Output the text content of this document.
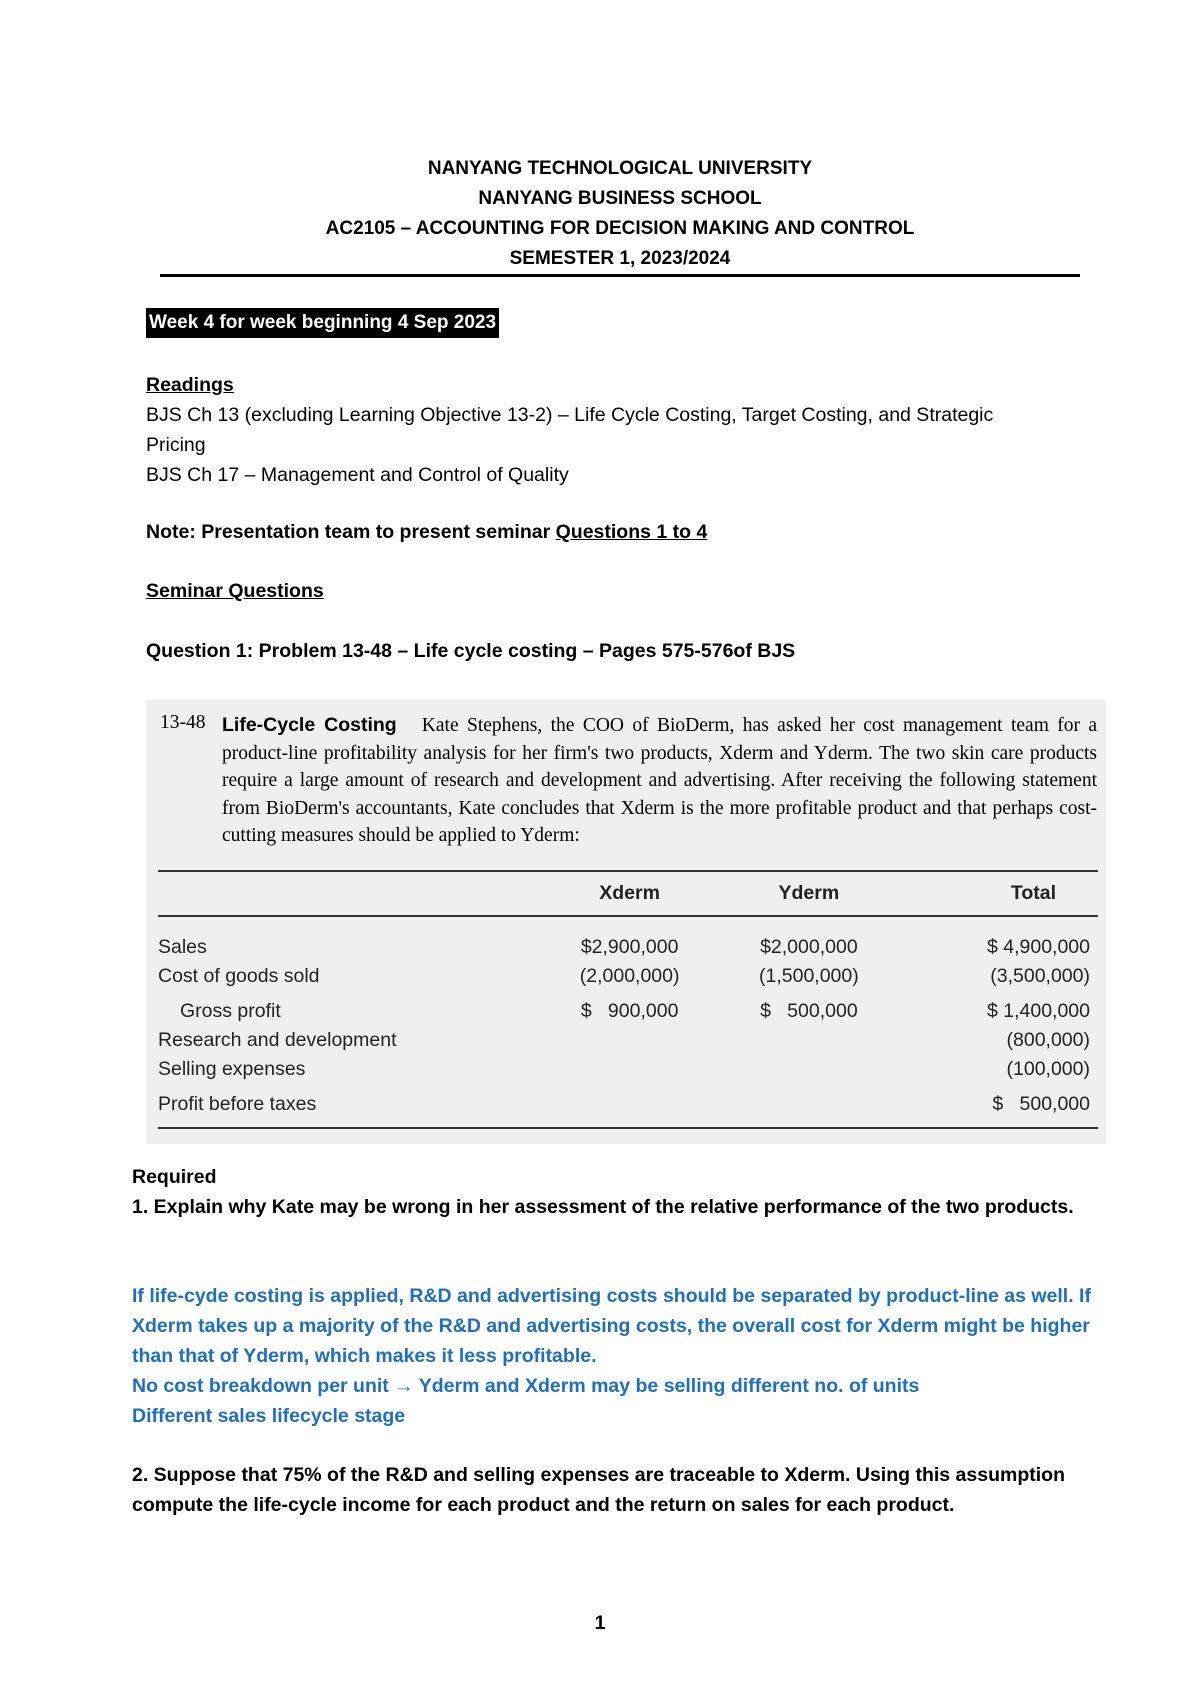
NANYANG TECHNOLOGICAL UNIVERSITY
NANYANG BUSINESS SCHOOL
AC2105 – ACCOUNTING FOR DECISION MAKING AND CONTROL
SEMESTER 1, 2023/2024
Week 4 for week beginning 4 Sep 2023
Readings
BJS Ch 13 (excluding Learning Objective 13-2) – Life Cycle Costing, Target Costing, and Strategic Pricing
BJS Ch 17 – Management and Control of Quality
Note: Presentation team to present seminar Questions 1 to 4
Seminar Questions
Question 1: Problem 13-48 – Life cycle costing – Pages 575-576of BJS
13-48 Life-Cycle Costing Kate Stephens, the COO of BioDerm, has asked her cost management team for a product-line profitability analysis for her firm's two products, Xderm and Yderm. The two skin care products require a large amount of research and development and advertising. After receiving the following statement from BioDerm's accountants, Kate concludes that Xderm is the more profitable product and that perhaps cost-cutting measures should be applied to Yderm:
	Xderm	Yderm	Total
Sales	$2,900,000	$2,000,000	$ 4,900,000
Cost of goods sold	(2,000,000)	(1,500,000)	(3,500,000)
Gross profit	$   900,000	$   500,000	$ 1,400,000
Research and development			(800,000)
Selling expenses			(100,000)
Profit before taxes			$   500,000
Required
1. Explain why Kate may be wrong in her assessment of the relative performance of the two products.
If life-cyde costing is applied, R&D and advertising costs should be separated by product-line as well. If Xderm takes up a majority of the R&D and advertising costs, the overall cost for Xderm might be higher than that of Yderm, which makes it less profitable.
No cost breakdown per unit → Yderm and Xderm may be selling different no. of units
Different sales lifecycle stage
2. Suppose that 75% of the R&D and selling expenses are traceable to Xderm. Using this assumption compute the life-cycle income for each product and the return on sales for each product.
1
